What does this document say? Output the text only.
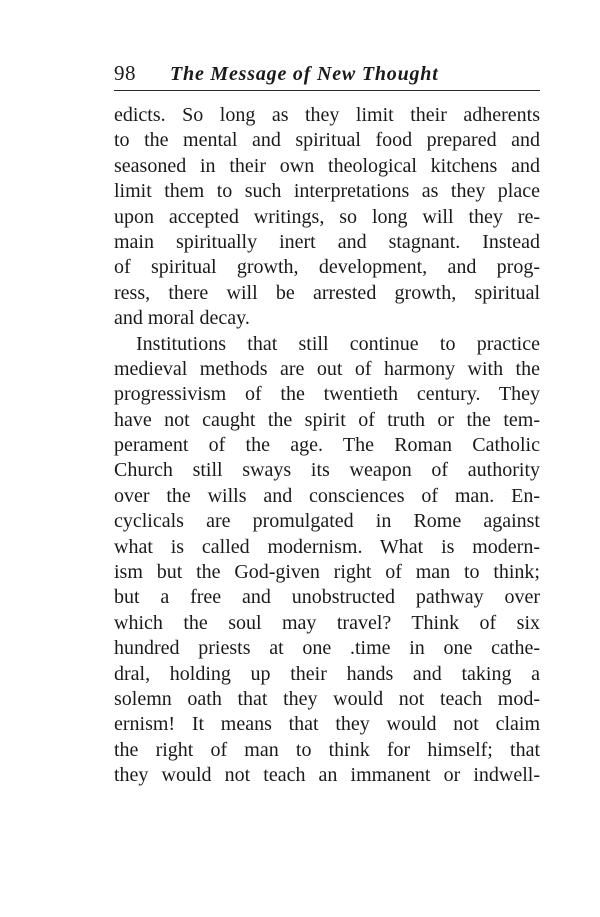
98	The Message of New Thought
edicts. So long as they limit their adherents
to the mental and spiritual food prepared and
seasoned in their own theological kitchens and
limit them to such interpretations as they place
upon accepted writings, so long will they re-
main spiritually inert and stagnant. Instead
of spiritual growth, development, and prog-
ress, there will be arrested growth, spiritual
and moral decay.
Institutions that still continue to practice
medieval methods are out of harmony with the
progressivism of the twentieth century. They
have not caught the spirit of truth or the tem-
perament of the age. The Roman Catholic
Church still sways its weapon of authority
over the wills and consciences of man. En-
cyclicals are promulgated in Rome against
what is called modernism. What is modern-
ism but the God-given right of man to think;
but a free and unobstructed pathway over
which the soul may travel? Think of six
hundred priests at one .time in one cathe-
dral, holding up their hands and taking a
solemn oath that they would not teach mod-
ernism! It means that they would not claim
the right of man to think for himself; that
they would not teach an immanent or indwell-
